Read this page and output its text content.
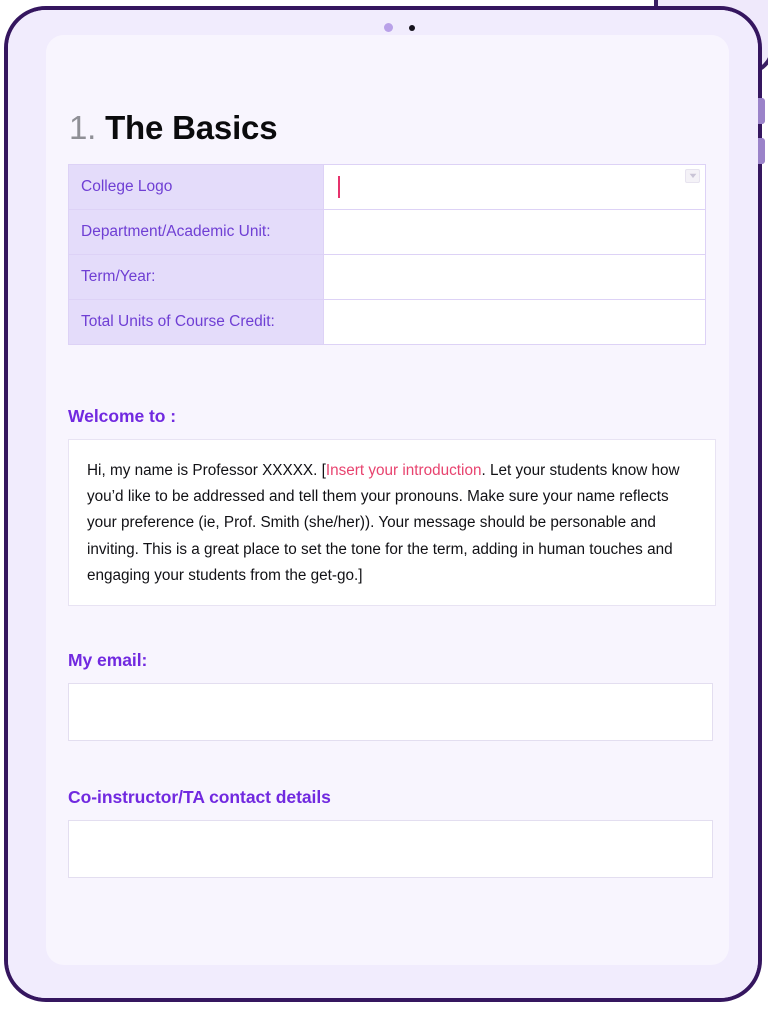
1. The Basics
College Logo	

Department/Academic Unit:	
Term/Year:	
Total Units of Course Credit:	
Welcome to :

Hi, my name is Professor XXXXX. [Insert your introduction. Let your students know how you’d like to be addressed and tell them your pronouns. Make sure your name reflects your preference (ie, Prof. Smith (she/her)). Your message should be personable and inviting. This is a great place to set the tone for the term, adding in human touches and engaging your students from the get-go.]

My email:
Co-instructor/TA contact details
